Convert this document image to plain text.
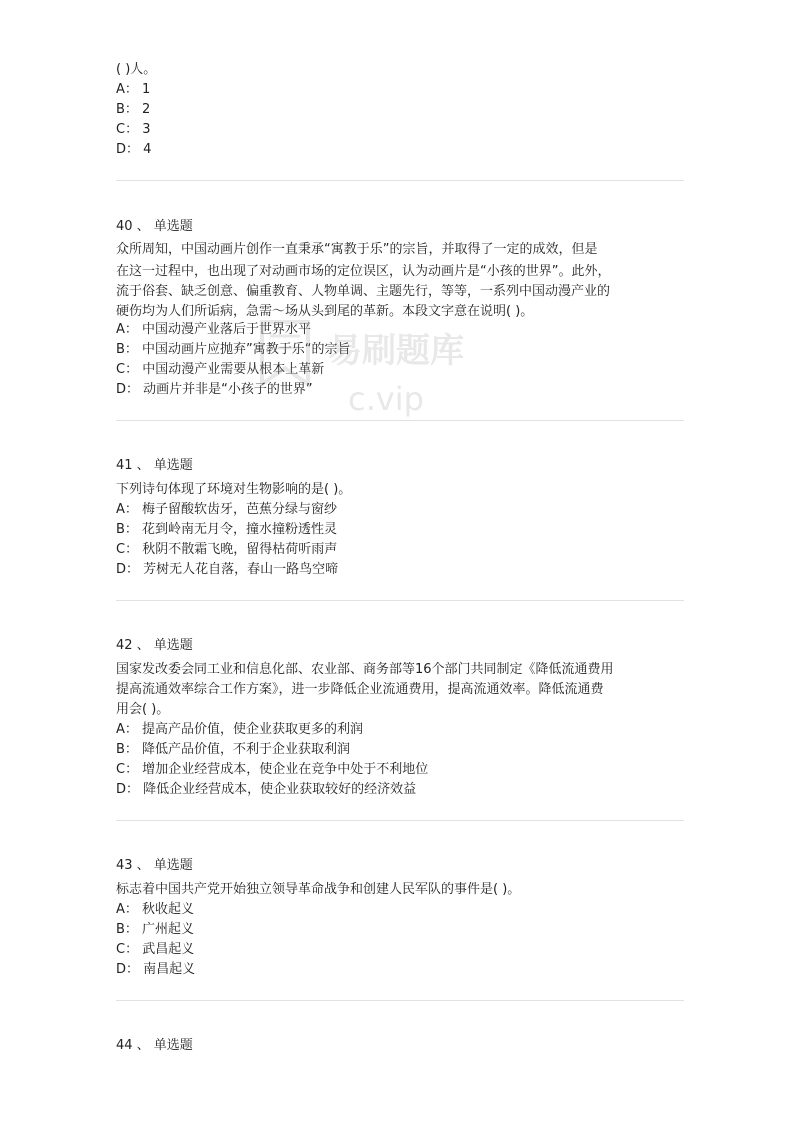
( )人。
A： 1
B： 2
C： 3
D： 4
40 、 单选题
众所周知，中国动画片创作一直秉承“寓教于乐”的宗旨，并取得了一定的成效，但是
在这一过程中，也出现了对动画市场的定位误区，认为动画片是“小孩的世界”。此外，
流于俗套、缺乏创意、偏重教育、人物单调、主题先行，等等，一系列中国动漫产业的
硬伤均为人们所诟病，急需～场从头到尾的革新。本段文字意在说明( )。
A： 中国动漫产业落后于世界水平
B： 中国动画片应抛弃”寓教于乐“的宗旨
C： 中国动漫产业需要从根本上革新
D： 动画片并非是“小孩子的世界”
41 、 单选题
下列诗句体现了环境对生物影响的是( )。
A： 梅子留酸软齿牙，芭蕉分绿与窗纱
B： 花到岭南无月令，撞水撞粉透性灵
C： 秋阴不散霜飞晚，留得枯荷听雨声
D： 芳树无人花自落，春山一路鸟空啼
42 、 单选题
国家发改委会同工业和信息化部、农业部、商务部等16个部门共同制定《降低流通费用
提高流通效率综合工作方案》，进一步降低企业流通费用，提高流通效率。降低流通费
用会( )。
A： 提高产品价值，使企业获取更多的利润
B： 降低产品价值，不利于企业获取利润
C： 增加企业经营成本，使企业在竞争中处于不利地位
D： 降低企业经营成本，使企业获取较好的经济效益
43 、 单选题
标志着中国共产党开始独立领导革命战争和创建人民军队的事件是( )。
A： 秋收起义
B： 广州起义
C： 武昌起义
D： 南昌起义
44 、 单选题
易刷题库
c.vip
